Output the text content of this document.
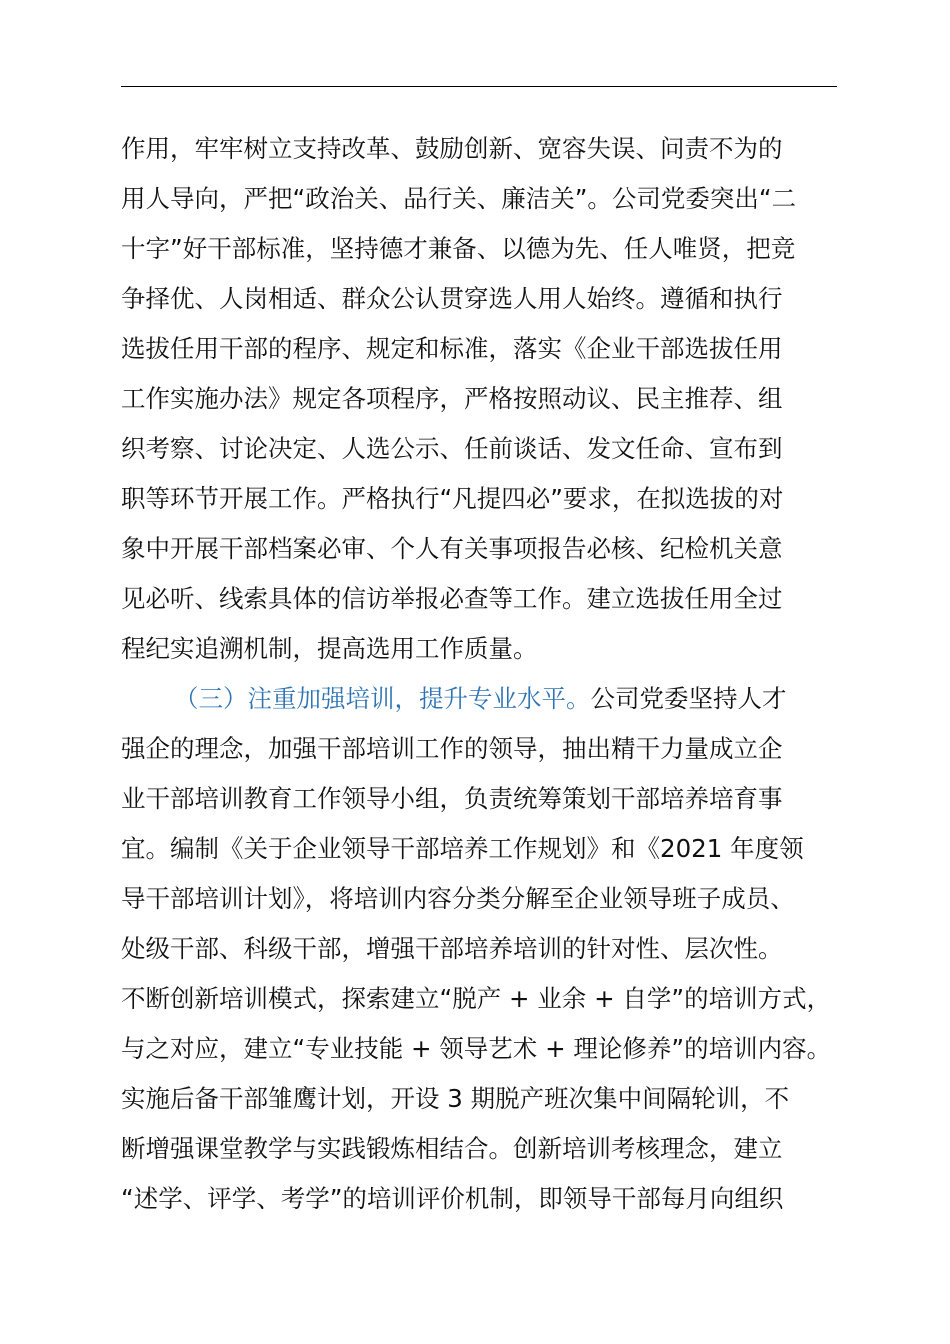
作用，牢牢树立支持改革、鼓励创新、宽容失误、问责不为的
用人导向，严把“政治关、品行关、廉洁关”。公司党委突出“二
十字”好干部标准，坚持德才兼备、以德为先、任人唯贤，把竞
争择优、人岗相适、群众公认贯穿选人用人始终。遵循和执行
选拔任用干部的程序、规定和标准，落实《企业干部选拔任用
工作实施办法》规定各项程序，严格按照动议、民主推荐、组
织考察、讨论决定、人选公示、任前谈话、发文任命、宣布到
职等环节开展工作。严格执行“凡提四必”要求，在拟选拔的对
象中开展干部档案必审、个人有关事项报告必核、纪检机关意
见必听、线索具体的信访举报必查等工作。建立选拔任用全过
程纪实追溯机制，提高选用工作质量。
（三）注重加强培训，提升专业水平。公司党委坚持人才
强企的理念，加强干部培训工作的领导，抽出精干力量成立企
业干部培训教育工作领导小组，负责统筹策划干部培养培育事
宜。编制《关于企业领导干部培养工作规划》和《2021 年度领
导干部培训计划》，将培训内容分类分解至企业领导班子成员、
处级干部、科级干部，增强干部培养培训的针对性、层次性。
不断创新培训模式，探索建立“脱产 + 业余 + 自学”的培训方式，
与之对应，建立“专业技能 + 领导艺术 + 理论修养”的培训内容。
实施后备干部雏鹰计划，开设 3 期脱产班次集中间隔轮训，不
断增强课堂教学与实践锻炼相结合。创新培训考核理念，建立
“述学、评学、考学”的培训评价机制，即领导干部每月向组织
